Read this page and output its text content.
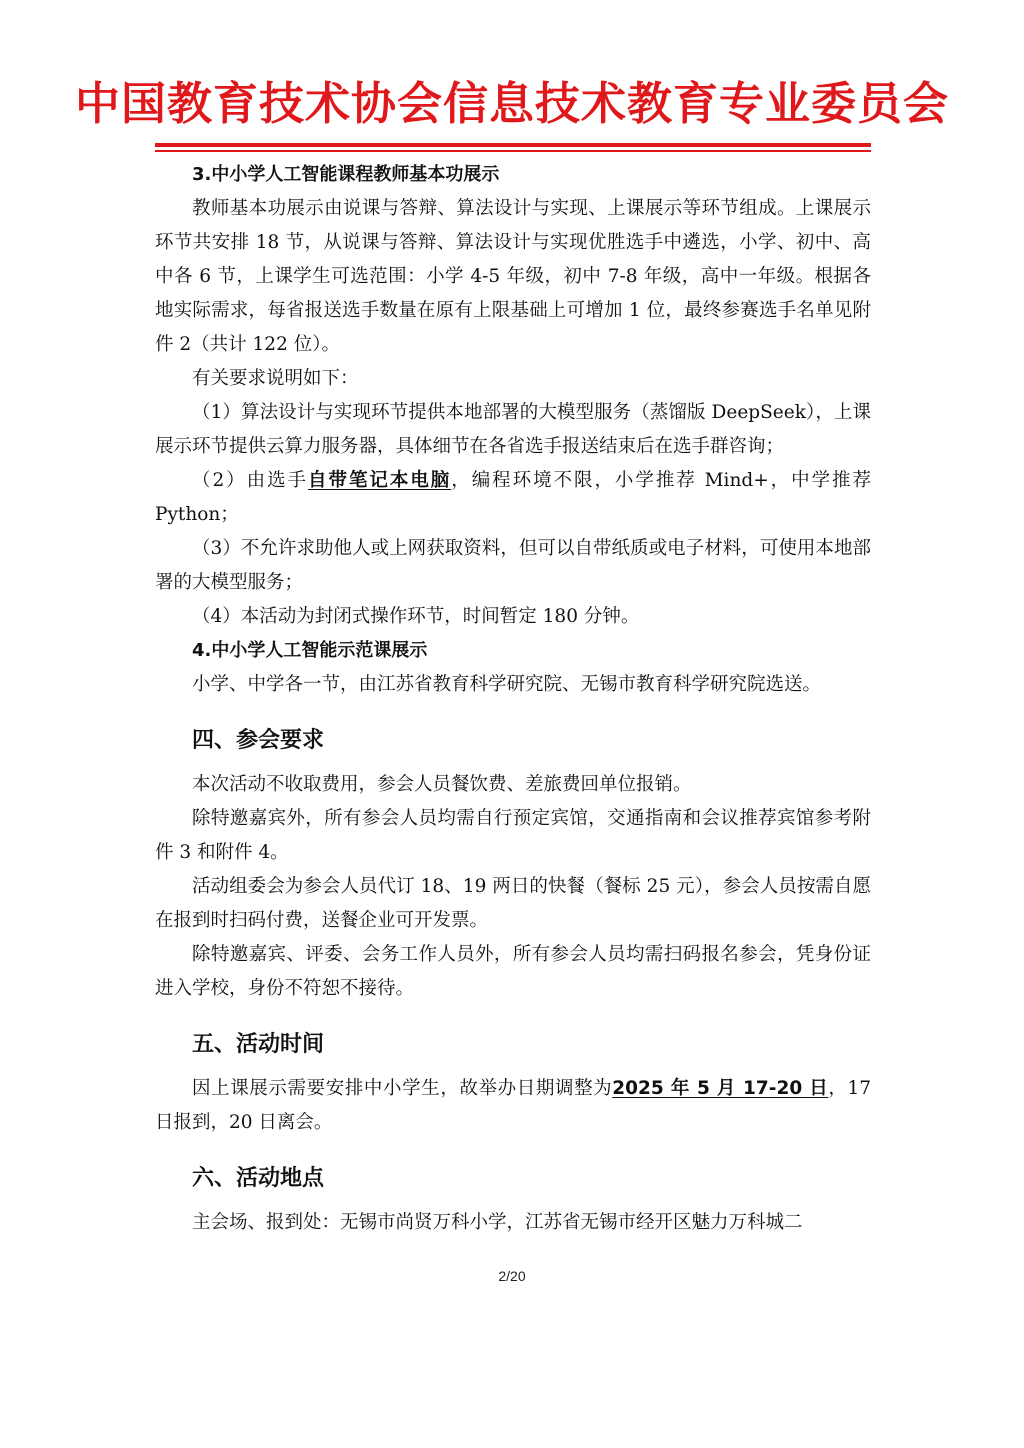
中国教育技术协会信息技术教育专业委员会

3.中小学人工智能课程教师基本功展示

教师基本功展示由说课与答辩、算法设计与实现、上课展示等环节组成。上课展示环节共安排 18 节，从说课与答辩、算法设计与实现优胜选手中遴选，小学、初中、高中各 6 节，上课学生可选范围：小学 4-5 年级，初中 7-8 年级，高中一年级。根据各地实际需求，每省报送选手数量在原有上限基础上可增加 1 位，最终参赛选手名单见附件 2（共计 122 位）。

有关要求说明如下：

（1）算法设计与实现环节提供本地部署的大模型服务（蒸馏版 DeepSeek），上课展示环节提供云算力服务器，具体细节在各省选手报送结束后在选手群咨询；

（2）由选手自带笔记本电脑，编程环境不限，小学推荐 Mind+，中学推荐 Python；

（3）不允许求助他人或上网获取资料，但可以自带纸质或电子材料，可使用本地部署的大模型服务；

（4）本活动为封闭式操作环节，时间暂定 180 分钟。

4.中小学人工智能示范课展示

小学、中学各一节，由江苏省教育科学研究院、无锡市教育科学研究院选送。

四、参会要求

本次活动不收取费用，参会人员餐饮费、差旅费回单位报销。

除特邀嘉宾外，所有参会人员均需自行预定宾馆，交通指南和会议推荐宾馆参考附件 3 和附件 4。

活动组委会为参会人员代订 18、19 两日的快餐（餐标 25 元），参会人员按需自愿在报到时扫码付费，送餐企业可开发票。

除特邀嘉宾、评委、会务工作人员外，所有参会人员均需扫码报名参会，凭身份证进入学校，身份不符恕不接待。

五、活动时间

因上课展示需要安排中小学生，故举办日期调整为2025 年 5 月 17-20 日，17 日报到，20 日离会。

六、活动地点

主会场、报到处：无锡市尚贤万科小学，江苏省无锡市经开区魅力万科城二

2/20
